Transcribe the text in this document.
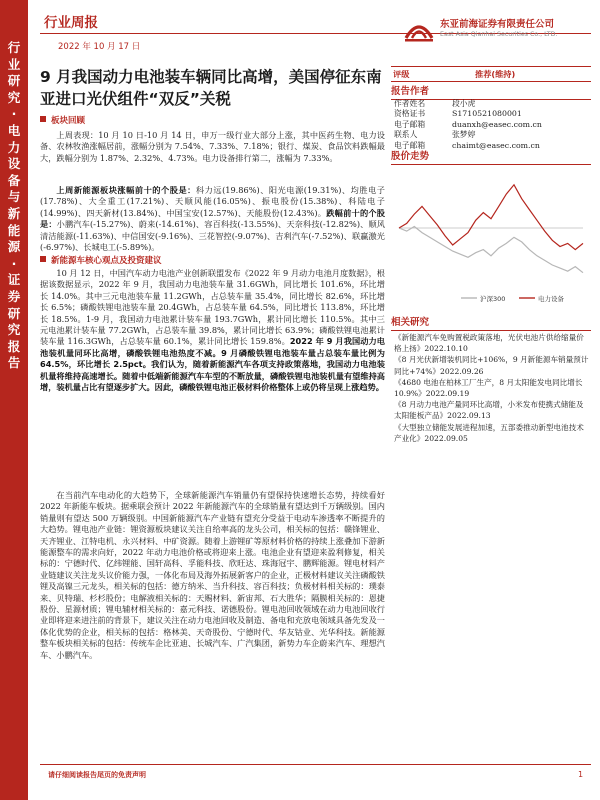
行业研究·电力设备与新能源·证券研究报告
行业周报
2022 年 10 月 17 日
东亚前海证券有限责任公司
East Asia Qianhai Securities Co., LTD.
9 月我国动力电池装车辆同比高增，美国停征东南亚进口光伏组件“双反”关税
板块回顾
上周表现：10 月 10 日-10 月 14 日，申万一级行业大部分上涨，其中医药生物、电力设备、农林牧渔涨幅居前，涨幅分别为 7.54%、7.33%、7.18%；银行、煤炭、食品饮料跌幅最大，跌幅分别为 1.87%、2.32%、4.73%。电力设备排行第二，涨幅为 7.33%。
上周新能源板块涨幅前十的个股是：科力远(19.86%)、阳光电源(19.31%)、均胜电子(17.78%)、大全重工(17.21%)、天顺风能(16.05%)、振电股份(15.38%)、科陆电子(14.99%)、四天新材(13.84%)、中国宝安(12.57%)、天能股份(12.43%)。跌幅前十的个股是：小鹏汽车(-15.27%)、蔚来(-14.61%)、容百科技(-13.55%)、天奈科技(-12.82%)、顺风清洁能源(-11.63%)、中信国安(-9.16%)、三花智控(-9.07%)、吉利汽车(-7.52%)、联赢激光(-6.97%)、长城电工(-5.89%)。
新能源车核心观点及投资建议
10 月 12 日，中国汽车动力电池产业创新联盟发布《2022 年 9 月动力电池月度数据》，根据该数据显示，2022 年 9 月，我国动力电池装车量 31.6GWh，同比增长 101.6%，环比增长 14.0%。其中三元电池装车量 11.2GWh，占总装车量 35.4%，同比增长 82.6%，环比增长 6.5%；磷酸铁锂电池装车量 20.4GWh，占总装车量 64.5%，同比增长 113.8%，环比增长 18.5%。1-9 月，我国动力电池累计装车量 193.7GWh，累计同比增长 110.5%。其中三元电池累计装车量 77.2GWh，占总装车量 39.8%，累计同比增长 63.9%；磷酸铁锂电池累计装车量 116.3GWh，占总装车量 60.1%，累计同比增长 159.8%。2022 年 9 月我国动力电池装机量同环比高增，磷酸铁锂电池热度不减。9 月磷酸铁锂电池装车量占总装车量比例为 64.5%，环比增长 2.5pct。我们认为，随着新能源汽车各项支持政策落地，我国动力电池装机量将维持高速增长。随着中低端新能源汽车车型的不断放量，磷酸铁锂电池装机量有望维持高增，装机量占比有望逐步扩大。因此，磷酸铁锂电池正极材料价格整体上或仍将呈现上涨趋势。
在当前汽车电动化的大趋势下，全球新能源汽车销量仍有望保持快速增长态势，持续看好 2022 年新能车板块。据乘联会预计 2022 年新能源汽车的全球销量有望达到千万辆级别。国内销量则有望达 500 万辆级别。中国新能源汽车产业链有望充分受益于电动车渗透率不断提升的大趋势。锂电池产业链：锂资源板块建议关注自给率高的龙头公司，相关标的包括：赣锋锂业、天齐锂业、江特电机、永兴材料、中矿资源。随着上游锂矿等原材料价格的持续上涨叠加下游新能源整车的需求向好，2022 年动力电池价格或将迎来上涨。电池企业有望迎来盈利修复，相关标的：宁德时代、亿纬锂能、国轩高科、孚能科技、欣旺达、珠海冠宇、鹏辉能源。锂电材料产业链建议关注龙头议价能力强，一体化布局及海外拓展新客户的企业，正极材料建议关注磷酸铁锂及高镍三元龙头，相关标的包括：德方纳米、当升科技、容百科技；负极材料相关标的：璞泰来、贝特瑞、杉杉股份；电解液相关标的：天赐材料、新宙邦、石大胜华；隔膜相关标的：恩捷股份、星源材质；锂电辅材相关标的：嘉元科技、诺德股份。锂电池回收领域在动力电池回收行业即将迎来进注前的背景下，建议关注在动力电池回收及制造、备电和充放电领域具备先发及一体化优势的企业，相关标的包括：格林美、天奇股份、宁德时代、华友钴业、光华科技。新能源整车板块相关标的包括：传统车企比亚迪、长城汽车、广汽集团，新势力车企蔚来汽车、理想汽车、小鹏汽车。
评级	推荐(维持)
报告作者
作者姓名	段小虎
资格证书	S1710521080001
电子邮箱	duanxh@easec.com.cn
联系人	张梦婷
电子邮箱	chaimt@easec.com.cn
股价走势
沪深300	电力设备
相关研究
《新能源汽车免购置税政策落地，光伏电池片供给缩量价格上扬》2022.10.10
《8 月光伏新增装机同比+106%，9 月新能源车销量预计同比+74%》2022.09.26
《4680 电池在柏林工厂生产，8 月太阳能发电同比增长 10.9%》2022.09.19
《8 月动力电池产量同环比高增，小米发布使携式储能及太阳能板产品》2022.09.13
《大型独立储能发展进程加速，五部委推动新型电池技术产业化》2022.09.05
请仔细阅读报告尾页的免责声明	1
